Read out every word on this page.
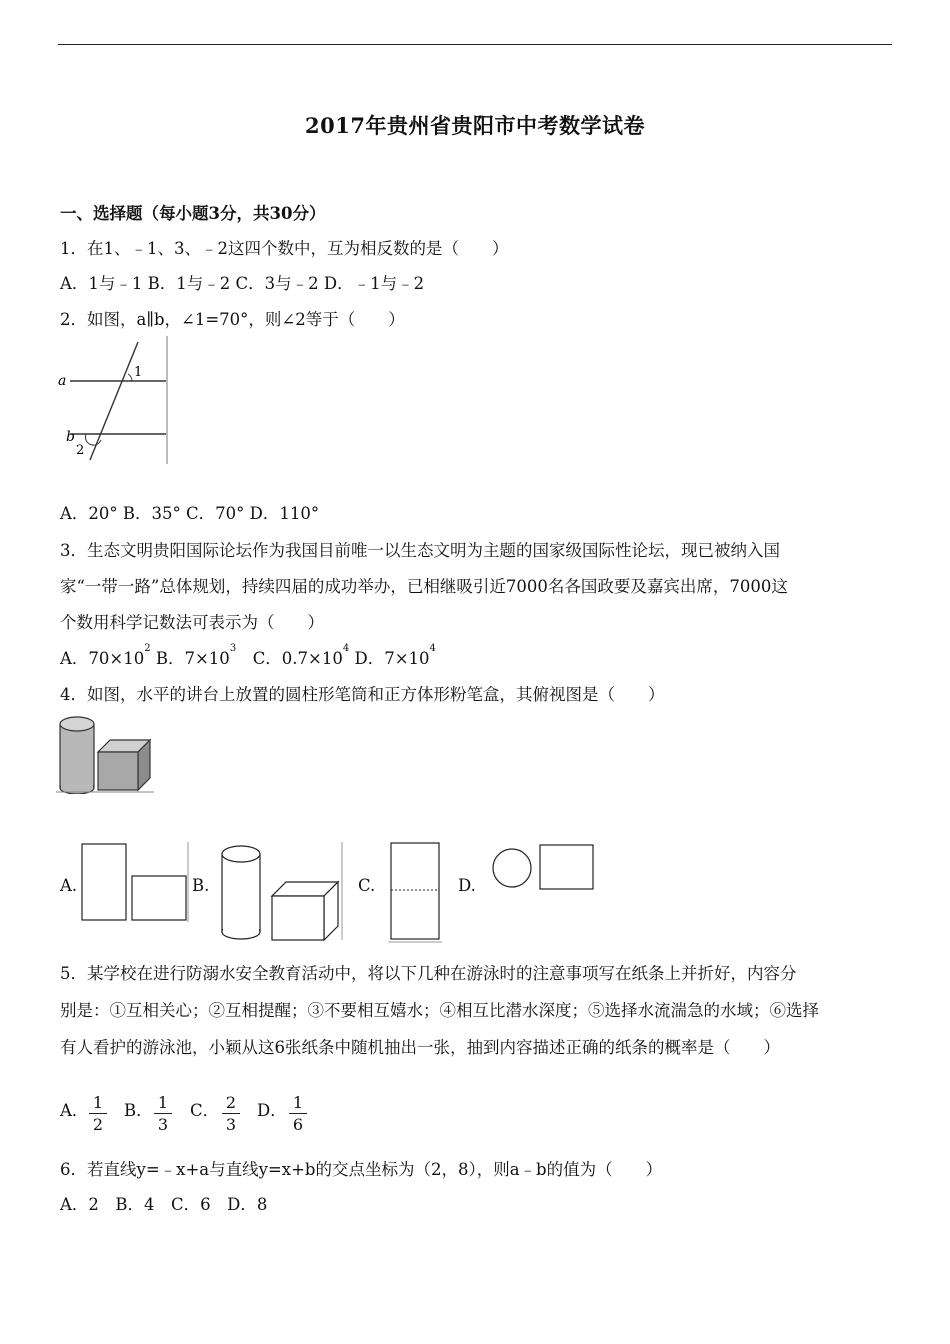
2017年贵州省贵阳市中考数学试卷
一、选择题（每小题3分，共30分）
1．在1、﹣1、3、﹣2这四个数中，互为相反数的是（　　）
A．1与﹣1 B．1与﹣2 C．3与﹣2 D．﹣1与﹣2
2．如图，a∥b，∠1=70°，则∠2等于（　　）
a
b
1
2
A．20° B．35° C．70° D．110°
3．生态文明贵阳国际论坛作为我国目前唯一以生态文明为主题的国家级国际性论坛，现已被纳入国
家“一带一路”总体规划，持续四届的成功举办，已相继吸引近7000名各国政要及嘉宾出席，7000这
个数用科学记数法可表示为（　　）
A．$70\times 10^2$ B．$7\times 10^3$　C．$0.7\times 10^4$ D．$7\times 10^4$
4．如图，水平的讲台上放置的圆柱形笔筒和正方体形粉笔盒，其俯视图是（　　）
A.	B.	C.	D.
5．某学校在进行防溺水安全教育活动中，将以下几种在游泳时的注意事项写在纸条上并折好，内容分
别是：①互相关心；②互相提醒；③不要相互嬉水；④相互比潜水深度；⑤选择水流湍急的水域；⑥选择
有人看护的游泳池，小颖从这6张纸条中随机抽出一张，抽到内容描述正确的纸条的概率是（　　）
A． $\frac{1}{2}$ B． $\frac{1}{3}$ C． $\frac{2}{3}$ D． $\frac{1}{6}$
6．若直线y=﹣x+a与直线y=x+b的交点坐标为（2，8），则a﹣b的值为（　　）
A．2　B．4　C．6　D．8
